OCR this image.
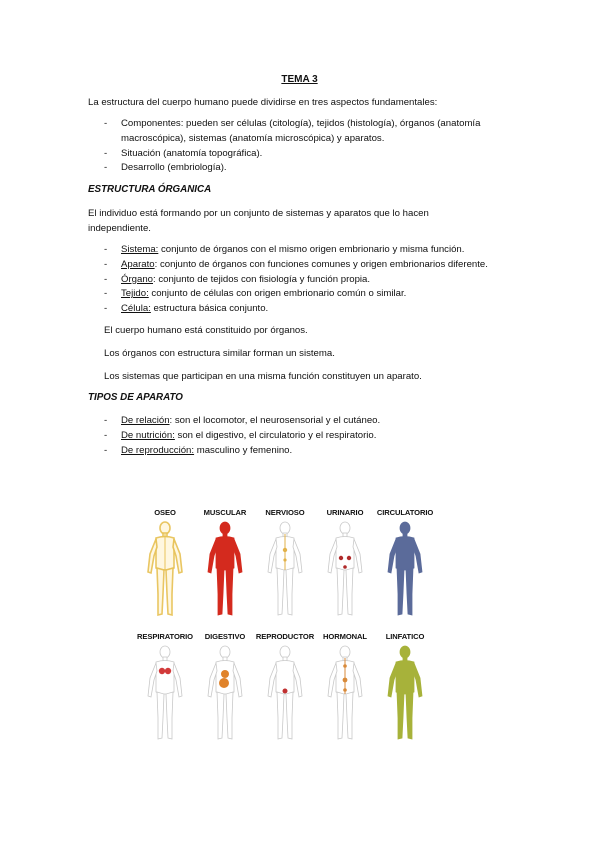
TEMA 3
La estructura del cuerpo humano puede dividirse en tres aspectos fundamentales:
- Componentes: pueden ser células (citología), tejidos (histología), órganos (anatomía
macroscópica), sistemas (anatomía microscópica) y aparatos.
- Situación (anatomía topográfica).
- Desarrollo (embriología).
ESTRUCTURA ÓRGANICA
El individuo está formando por un conjunto de sistemas y aparatos que lo hacen
independiente.
- Sistema: conjunto de órganos con el mismo origen embrionario y misma función.
- Aparato: conjunto de órganos con funciones comunes y origen embrionarios diferente.
- Órgano: conjunto de tejidos con fisiología y función propia.
- Tejido: conjunto de células con origen embrionario común o similar.
- Célula: estructura básica conjunto.
El cuerpo humano está constituido por órganos.
Los órganos con estructura similar forman un sistema.
Los sistemas que participan en una misma función constituyen un aparato.
TIPOS DE APARATO
- De relación: son el locomotor, el neurosensorial y el cutáneo.
- De nutrición: son el digestivo, el circulatorio y el respiratorio.
- De reproducción: masculino y femenino.
OSEO	MUSCULAR	NERVIOSO	URINARIO	CIRCULATORIO
RESPIRATORIO	DIGESTIVO	REPRODUCTOR	HORMONAL	LINFATICO
